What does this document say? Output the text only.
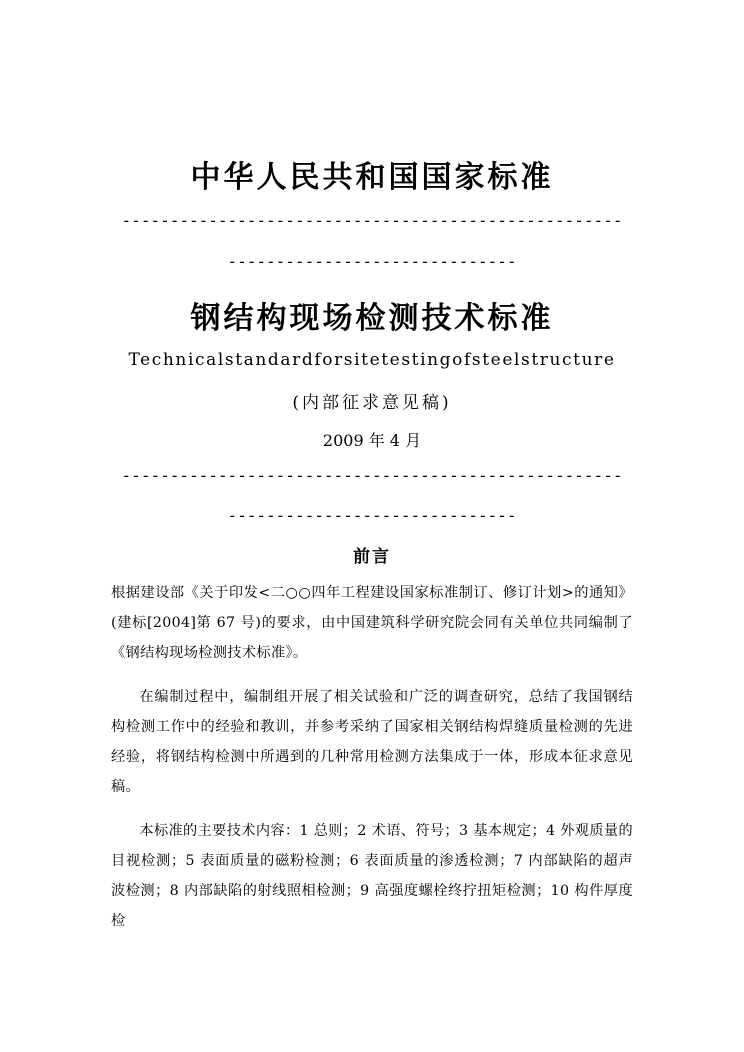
中华人民共和国国家标准
----------------------------------------------------
------------------------------
钢结构现场检测技术标准
Technicalstandardforsitetestingofsteelstructure
(内部征求意见稿)
2009 年 4 月
----------------------------------------------------
------------------------------
前言

根据建设部《关于印发<二○○四年工程建设国家标准制订、修订计划>的通知》(建标[2004]第 67 号)的要求，由中国建筑科学研究院会同有关单位共同编制了《钢结构现场检测技术标准》。

在编制过程中，编制组开展了相关试验和广泛的调查研究，总结了我国钢结构检测工作中的经验和教训，并参考采纳了国家相关钢结构焊缝质量检测的先进经验，将钢结构检测中所遇到的几种常用检测方法集成于一体，形成本征求意见稿。

本标准的主要技术内容：1 总则；2 术语、符号；3 基本规定；4 外观质量的目视检测；5 表面质量的磁粉检测；6 表面质量的渗透检测；7 内部缺陷的超声波检测；8 内部缺陷的射线照相检测；9 高强度螺栓终拧扭矩检测；10 构件厚度检
